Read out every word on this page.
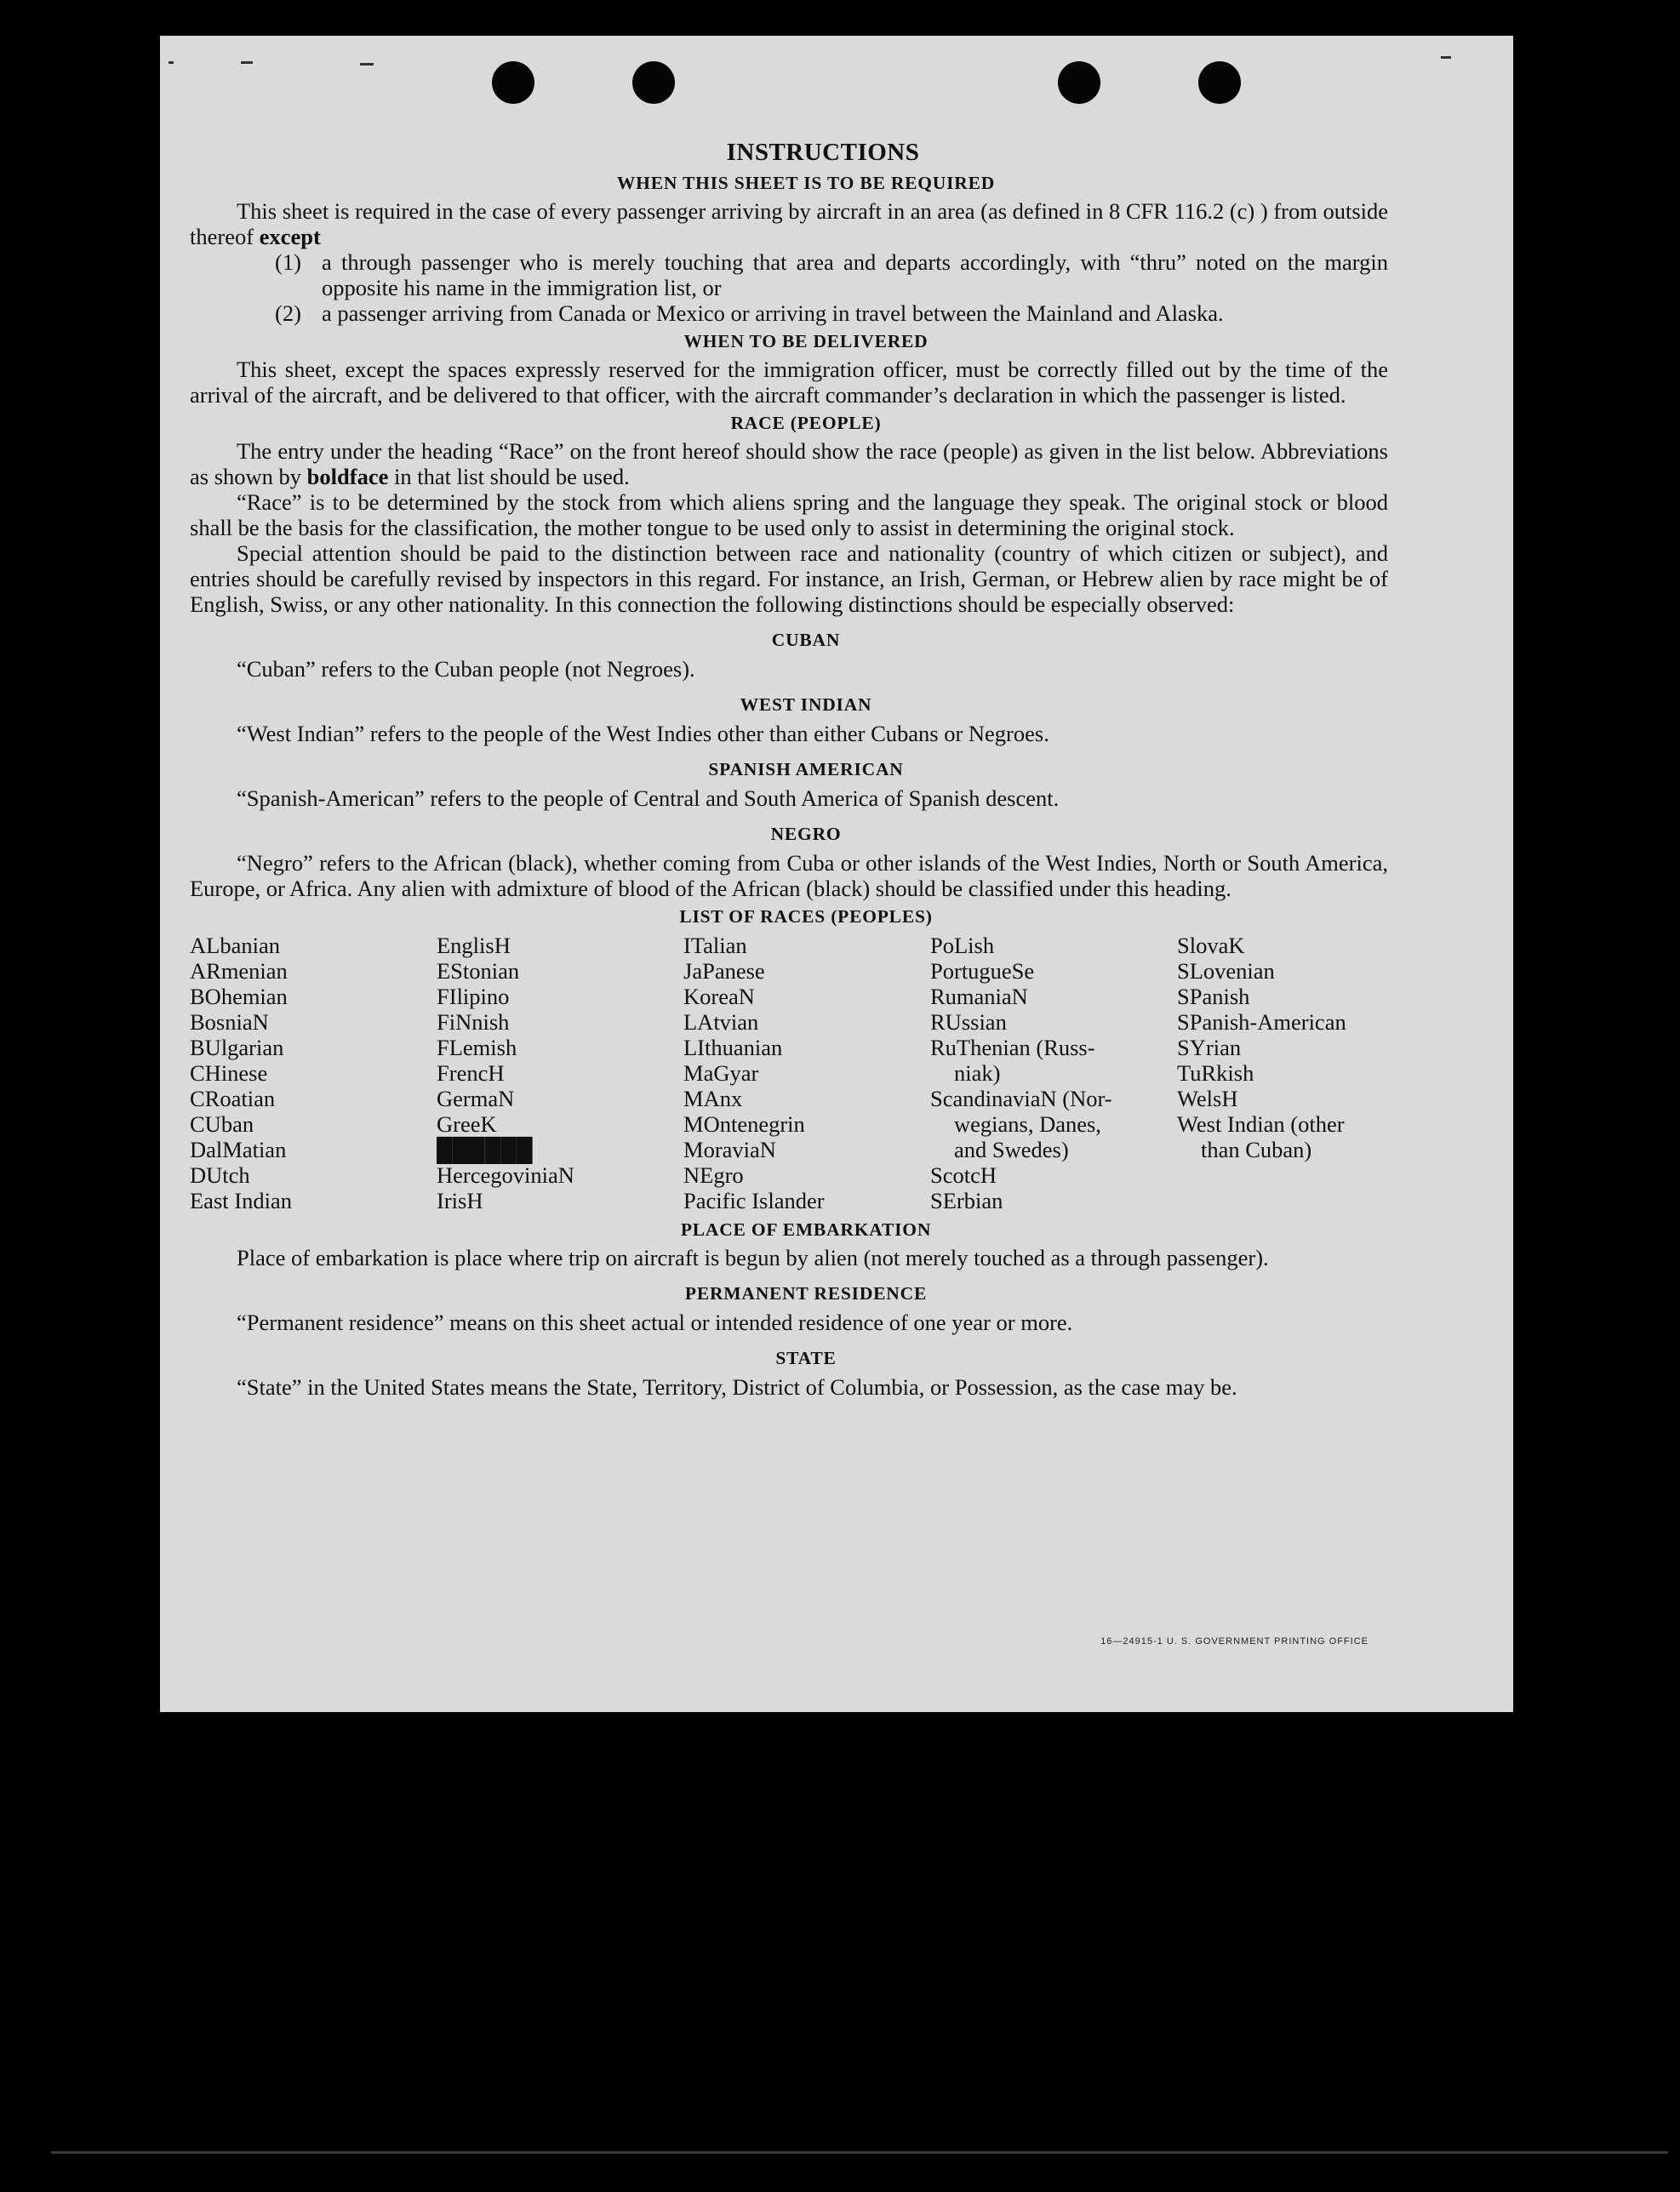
INSTRUCTIONS
WHEN THIS SHEET IS TO BE REQUIRED

This sheet is required in the case of every passenger arriving by aircraft in an area (as defined in 8 CFR 116.2 (c) ) from outside thereof except

(1) a through passenger who is merely touching that area and departs accordingly, with “thru” noted on the margin opposite his name in the immigration list, or
(2) a passenger arriving from Canada or Mexico or arriving in travel between the Mainland and Alaska.
WHEN TO BE DELIVERED

This sheet, except the spaces expressly reserved for the immigration officer, must be correctly filled out by the time of the arrival of the aircraft, and be delivered to that officer, with the aircraft commander’s declaration in which the passenger is listed.

RACE (PEOPLE)

The entry under the heading “Race” on the front hereof should show the race (people) as given in the list below. Abbreviations as shown by boldface in that list should be used.

“Race” is to be determined by the stock from which aliens spring and the language they speak. The original stock or blood shall be the basis for the classification, the mother tongue to be used only to assist in determining the original stock.

Special attention should be paid to the distinction between race and nationality (country of which citizen or subject), and entries should be carefully revised by inspectors in this regard. For instance, an Irish, German, or Hebrew alien by race might be of English, Swiss, or any other nationality. In this connection the following distinctions should be especially observed:

CUBAN

“Cuban” refers to the Cuban people (not Negroes).

WEST INDIAN

“West Indian” refers to the people of the West Indies other than either Cubans or Negroes.

SPANISH AMERICAN

“Spanish-American” refers to the people of Central and South America of Spanish descent.

NEGRO

“Negro” refers to the African (black), whether coming from Cuba or other islands of the West Indies, North or South America, Europe, or Africa. Any alien with admixture of blood of the African (black) should be classified under this heading.

LIST OF RACES (PEOPLES)
ALbanian
ARmenian
BOhemian
BosniaN
BUlgarian
CHinese
CRoatian
CUban
DalMatian
DUtch
East Indian
EnglisH
EStonian
FIlipino
FiNnish
FLemish
FrencH
GermaN
GreeK
██████
HercegoviniaN
IrisH
ITalian
JaPanese
KoreaN
LAtvian
LIthuanian
MaGyar
MAnx
MOntenegrin
MoraviaN
NEgro
Pacific Islander
PoLish
PortugueSe
RumaniaN
RUssian
RuThenian (Russ-
niak)
ScandinaviaN (Nor-
wegians, Danes,
and Swedes)
ScotcH
SErbian
SlovaK
SLovenian
SPanish
SPanish-American
SYrian
TuRkish
WelsH
West Indian (other
than Cuban)
PLACE OF EMBARKATION

Place of embarkation is place where trip on aircraft is begun by alien (not merely touched as a through passenger).

PERMANENT RESIDENCE

“Permanent residence” means on this sheet actual or intended residence of one year or more.

STATE

“State” in the United States means the State, Territory, District of Columbia, or Possession, as the case may be.

16—24915-1 U. S. GOVERNMENT PRINTING OFFICE
